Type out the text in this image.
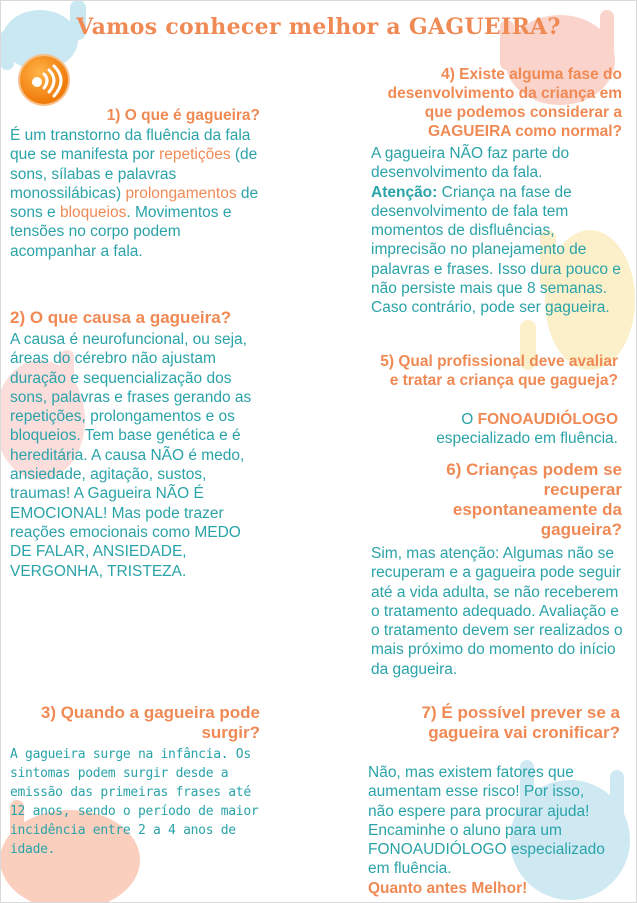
Vamos conhecer melhor a GAGUEIRA?
1) O que é gagueira?
É um transtorno da fluência da fala que se manifesta por repetições (de sons, sílabas e palavras monossilábicas) prolongamentos de sons e bloqueios. Movimentos e tensões no corpo podem acompanhar a fala.
2) O que causa a gagueira?
A causa é neurofuncional, ou seja, áreas do cérebro não ajustam duração e sequencialização dos sons, palavras e frases gerando as repetições, prolongamentos e os bloqueios. Tem base genética e é hereditária. A causa NÃO é medo, ansiedade, agitação, sustos, traumas! A Gagueira NÃO É EMOCIONAL! Mas pode trazer reações emocionais como MEDO DE FALAR, ANSIEDADE, VERGONHA, TRISTEZA.
3) Quando a gagueira pode surgir?
A gagueira surge na infância. Os sintomas podem surgir desde a emissão das primeiras frases até 12 anos, sendo o período de maior incidência entre 2 a 4 anos de idade.
4) Existe alguma fase do desenvolvimento da criança em que podemos considerar a GAGUEIRA como normal?
A gagueira NÃO faz parte do desenvolvimento da fala.
Atenção: Criança na fase de desenvolvimento de fala tem momentos de disfluências, imprecisão no planejamento de palavras e frases. Isso dura pouco e não persiste mais que 8 semanas. Caso contrário, pode ser gagueira.
5) Qual profissional deve avaliar e tratar a criança que gagueja?
O FONOAUDIÓLOGO
especializado em fluência.
6) Crianças podem se recuperar espontaneamente da gagueira?
Sim, mas atenção: Algumas não se recuperam e a gagueira pode seguir até a vida adulta, se não receberem o tratamento adequado. Avaliação e o tratamento devem ser realizados o mais próximo do momento do início da gagueira.
7) É possível prever se a gagueira vai cronificar?
Não, mas existem fatores que aumentam esse risco! Por isso, não espere para procurar ajuda! Encaminhe o aluno para um FONOAUDIÓLOGO especializado em fluência.
Quanto antes Melhor!
